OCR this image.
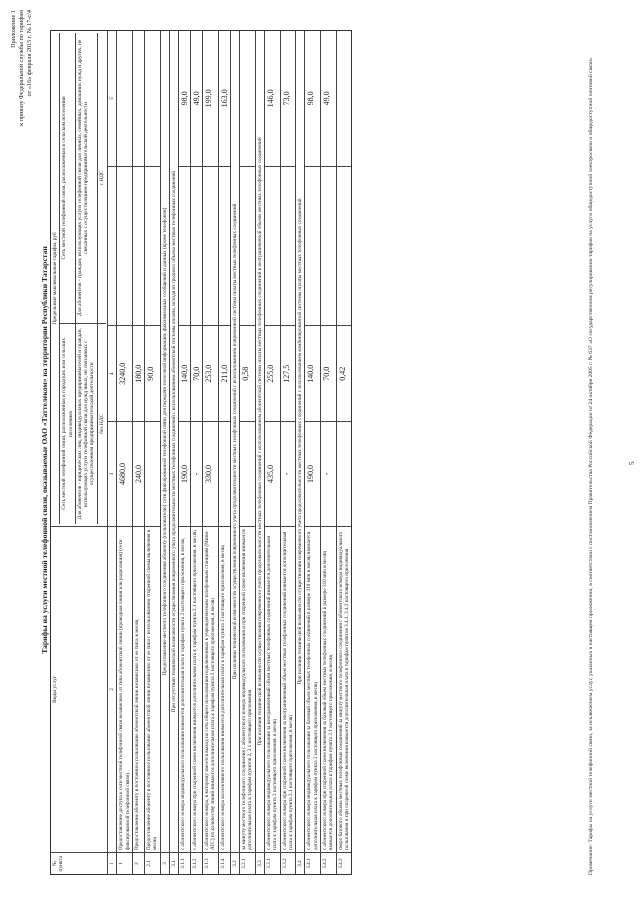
Приложение 1 к приказу Федеральной службы по тарифам от «16» февраля 2015 г. № 17-с/4
Тарифы на услуги местной телефонной связи, оказываемые ОАО «Таттелеком» на территории Республики Татарстан
№ пункта
Виды услуг
Предельные максимальные тарифы, руб
Сеть местной телефонной связи, расположенная в городских или сельских поселениях
Сеть местной телефонной связи, расположенная в сельском поселении
Для абонентов - юридических лиц, индивидуальных предпринимателей и граждан, использующих услуги телефонной связи для нужд иных, не связанных с осуществлением предпринимательской деятельности
Для абонентов - граждан, использующих услуги телефонной связи для личных, семейных, домашних нужд и других, не связанных с осуществлением предпринимательской деятельности
без НДС
с НДС
1
2
3
4
5
1
Предоставление доступа к сети местной телефонной связи независимо от типа абонентской линии (проводная линия или радиолиния) (сети фиксированной телефонной связи)
4680,0
3240,0
2
Предоставление абоненту в постоянное пользование абонентской линии независимо от ее типа, в месяц
240,0
180,0
2.1
Предоставление абоненту в постоянное пользование абонентской линии независимо от ее типа с использованием спаренной схемы включения в месяц
90,0
3
Предоставление местного телефонного соединения абоненту (пользователю) сети фиксированной телефонной связи для передачи голосовой информации, факсимильных сообщений и данных (кроме телефонов)
3.1
При отсутствии технической возможности осуществления повременного учета продолжительности местных телефонных соединений с использованием абонентской системы оплаты, исходя из среднего объема местных телефонных соединений
3.1.1
с абонентского номера индивидуального пользования взимается дополнительная плата к тарифам пункта 2 настоящего приложения, в месяц
190,0
140,0
98,0
3.1.2
с абонентского номера при спаренной схеме включения взимается дополнительная плата к тарифам пункта 2.1 настоящего приложения, в месяц
-
70,0
49,0
3.1.3
с абонентского номера, к которому имеется выход на сеть общего пользования подключенных к учрежденческим телефонным станциям (Мини-АТС) по количеству линий взимается дополнительная плата к тарифам пункта 2 настоящего приложения, в месяц
330,0
253,0
199,0
3.1.4
с абонентского номера коллективного пользования взимается дополнительная плата к тарифам пункта 2 настоящего приложения, в месяц
211,0
163,0
3.2
При наличии технической возможности осуществления повременного учета продолжительности местных телефонных соединений с использованием повременной системы оплаты местных телефонных соединений
3.2.1
за минуту местного телефонного соединения с абонентского номера индивидуального пользования и при спаренной схеме включения взимается дополнительная плата к тарифам пунктов 2, 2.1 настоящего приложения
0,58
3.3
При наличии технической возможности осуществления повременного учета продолжительности местных телефонных соединений с использованием абонентской системы оплаты местных телефонных соединений в неограниченной объеме местных телефонных соединений
3.3.1
с абонентского номера индивидуального пользования за неограниченный объем местных телефонных соединений взимается дополнительная плата к тарифам пункта 2 настоящего приложения, в месяц
435,0
255,0
146,0
3.3.2
с абонентского номера при спаренной схеме включения за неограниченный объем местных телефонных соединений взимается дополнительная плата к тарифам пункта 2.1 настоящего приложения, в месяц
-
127,5
73,0
3.4
При наличии технической возможности осуществления повременного учета продолжительности местных телефонных соединений с использованием комбинированной системы оплаты местных телефонных соединений
3.4.1
с абонентского номера индивидуального пользования за базовый объем местных телефонных соединений в размере 310 мин в месяц взимается дополнительная плата к тарифам пункта 2 настоящего приложения, в месяц
190,0
140,0
98,0
3.4.2
с абонентского номера при спаренной схеме включения за базовый объем местных телефонных соединений в размере 310 мин в месяц взимается дополнительная плата к тарифам пункта 2.1 настоящего приложения, в месяц
-
70,0
49,0
3.4.3
сверх базового объема местных телефонных соединений за минуту местного телефонного соединения с абонентского номера индивидуального пользования и при спаренной схеме включения взимается дополнительная плата к тарифам пунктов 3.4.1, 3.4.2 настоящего приложения
0,42	Примечание: Тарифы на услуги местной телефонной связи, за исключением услуг, указанных в настоящем приложении, в соответствии с постановлением Правительства Российской Федерации от 24 октября 2005 г. № 637 «О государственном регулировании тарифов на услуги общедоступной электросвязи и общедоступной почтовой связи»	5
